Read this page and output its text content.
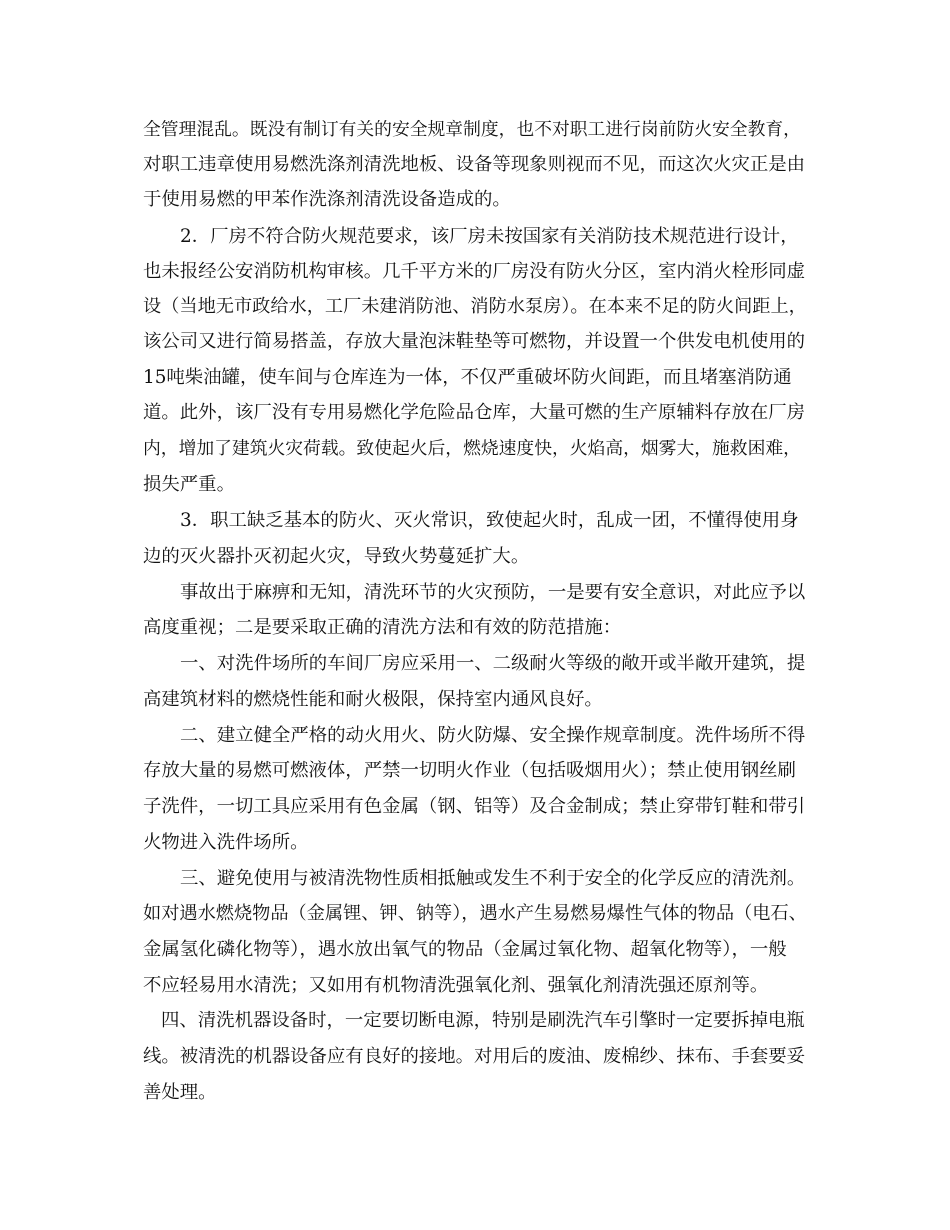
全管理混乱。既没有制订有关的安全规章制度，也不对职工进行岗前防火安全教育，
对职工违章使用易燃洗涤剂清洗地板、设备等现象则视而不见，而这次火灾正是由
于使用易燃的甲苯作洗涤剂清洗设备造成的。
2．厂房不符合防火规范要求，该厂房未按国家有关消防技术规范进行设计，
也未报经公安消防机构审核。几千平方米的厂房没有防火分区，室内消火栓形同虚
设（当地无市政给水，工厂未建消防池、消防水泵房）。在本来不足的防火间距上，
该公司又进行简易搭盖，存放大量泡沫鞋垫等可燃物，并设置一个供发电机使用的
15吨柴油罐，使车间与仓库连为一体，不仅严重破坏防火间距，而且堵塞消防通
道。此外，该厂没有专用易燃化学危险品仓库，大量可燃的生产原辅料存放在厂房
内，增加了建筑火灾荷载。致使起火后，燃烧速度快，火焰高，烟雾大，施救困难，
损失严重。
3．职工缺乏基本的防火、灭火常识，致使起火时，乱成一团，不懂得使用身
边的灭火器扑灭初起火灾，导致火势蔓延扩大。
事故出于麻痹和无知，清洗环节的火灾预防，一是要有安全意识，对此应予以
高度重视；二是要采取正确的清洗方法和有效的防范措施：
一、对洗件场所的车间厂房应采用一、二级耐火等级的敞开或半敞开建筑，提
高建筑材料的燃烧性能和耐火极限，保持室内通风良好。
二、建立健全严格的动火用火、防火防爆、安全操作规章制度。洗件场所不得
存放大量的易燃可燃液体，严禁一切明火作业（包括吸烟用火）；禁止使用钢丝刷
子洗件，一切工具应采用有色金属（钢、铝等）及合金制成；禁止穿带钉鞋和带引
火物进入洗件场所。
三、避免使用与被清洗物性质相抵触或发生不利于安全的化学反应的清洗剂。
如对遇水燃烧物品（金属锂、钾、钠等），遇水产生易燃易爆性气体的物品（电石、
金属氢化磷化物等），遇水放出氧气的物品（金属过氧化物、超氧化物等），一般
不应轻易用水清洗；又如用有机物清洗强氧化剂、强氧化剂清洗强还原剂等。
四、清洗机器设备时，一定要切断电源，特别是刷洗汽车引擎时一定要拆掉电瓶
线。被清洗的机器设备应有良好的接地。对用后的废油、废棉纱、抹布、手套要妥
善处理。
